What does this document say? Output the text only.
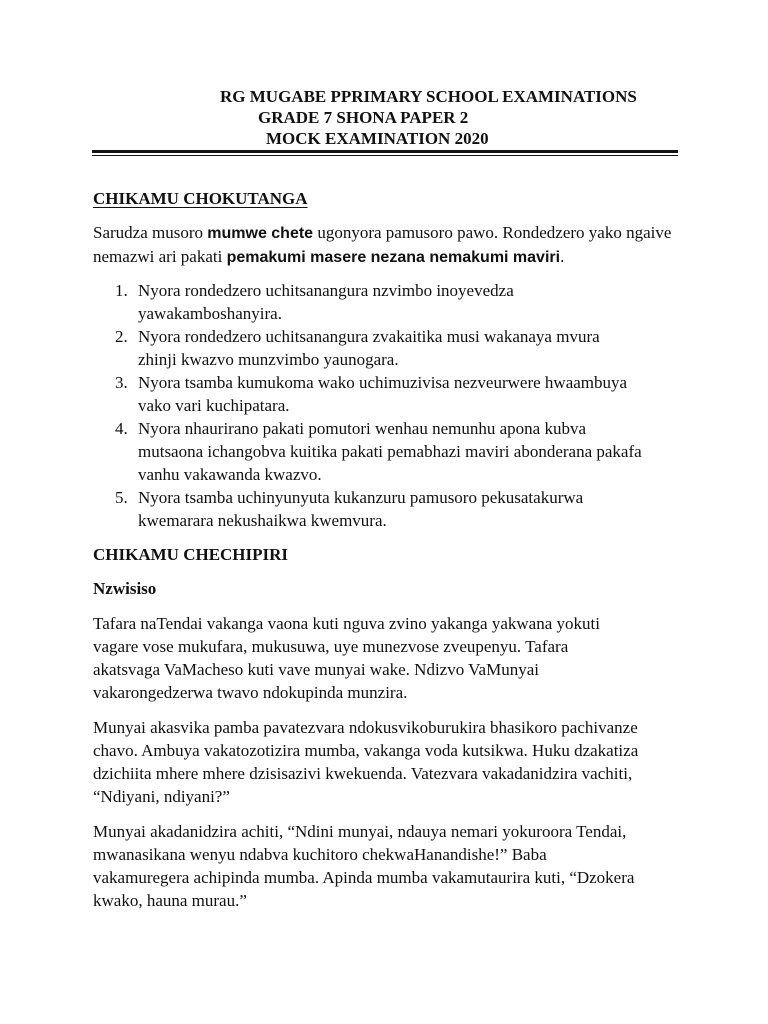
RG MUGABE PPRIMARY SCHOOL EXAMINATIONS
GRADE 7 SHONA PAPER 2
MOCK EXAMINATION 2020
CHIKAMU CHOKUTANGA

Sarudza musoro mumwe chete ugonyora pamusoro pawo. Rondedzero yako ngaive nemazwi ari pakati pemakumi masere nezana nemakumi maviri.

1. Nyora rondedzero uchitsanangura nzvimbo inoyevedza
yawakamboshanyira.
2. Nyora rondedzero uchitsanangura zvakaitika musi wakanaya mvura
zhinji kwazvo munzvimbo yaunogara.
3. Nyora tsamba kumukoma wako uchimuzivisa nezveurwere hwaambuya
vako vari kuchipatara.
4. Nyora nhaurirano pakati pomutori wenhau nemunhu apona kubva
mutsaona ichangobva kuitika pakati pemabhazi maviri abonderana pakafa
vanhu vakawanda kwazvo.
5. Nyora tsamba uchinyunyuta kukanzuru pamusoro pekusatakurwa
kwemarara nekushaikwa kwemvura.
CHIKAMU CHECHIPIRI
Nzwisiso

Tafara naTendai vakanga vaona kuti nguva zvino yakanga yakwana yokuti
vagare vose mukufara, mukusuwa, uye munezvose zveupenyu. Tafara
akatsvaga VaMacheso kuti vave munyai wake. Ndizvo VaMunyai
vakarongedzerwa twavo ndokupinda munzira.

Munyai akasvika pamba pavatezvara ndokusvikoburukira bhasikoro pachivanze
chavo. Ambuya vakatozotizira mumba, vakanga voda kutsikwa. Huku dzakatiza
dzichiita mhere mhere dzisisazivi kwekuenda. Vatezvara vakadanidzira vachiti,
“Ndiyani, ndiyani?”

Munyai akadanidzira achiti, “Ndini munyai, ndauya nemari yokuroora Tendai,
mwanasikana wenyu ndabva kuchitoro chekwaHanandishe!” Baba
vakamuregera achipinda mumba. Apinda mumba vakamutaurira kuti, “Dzokera
kwako, hauna murau.”
